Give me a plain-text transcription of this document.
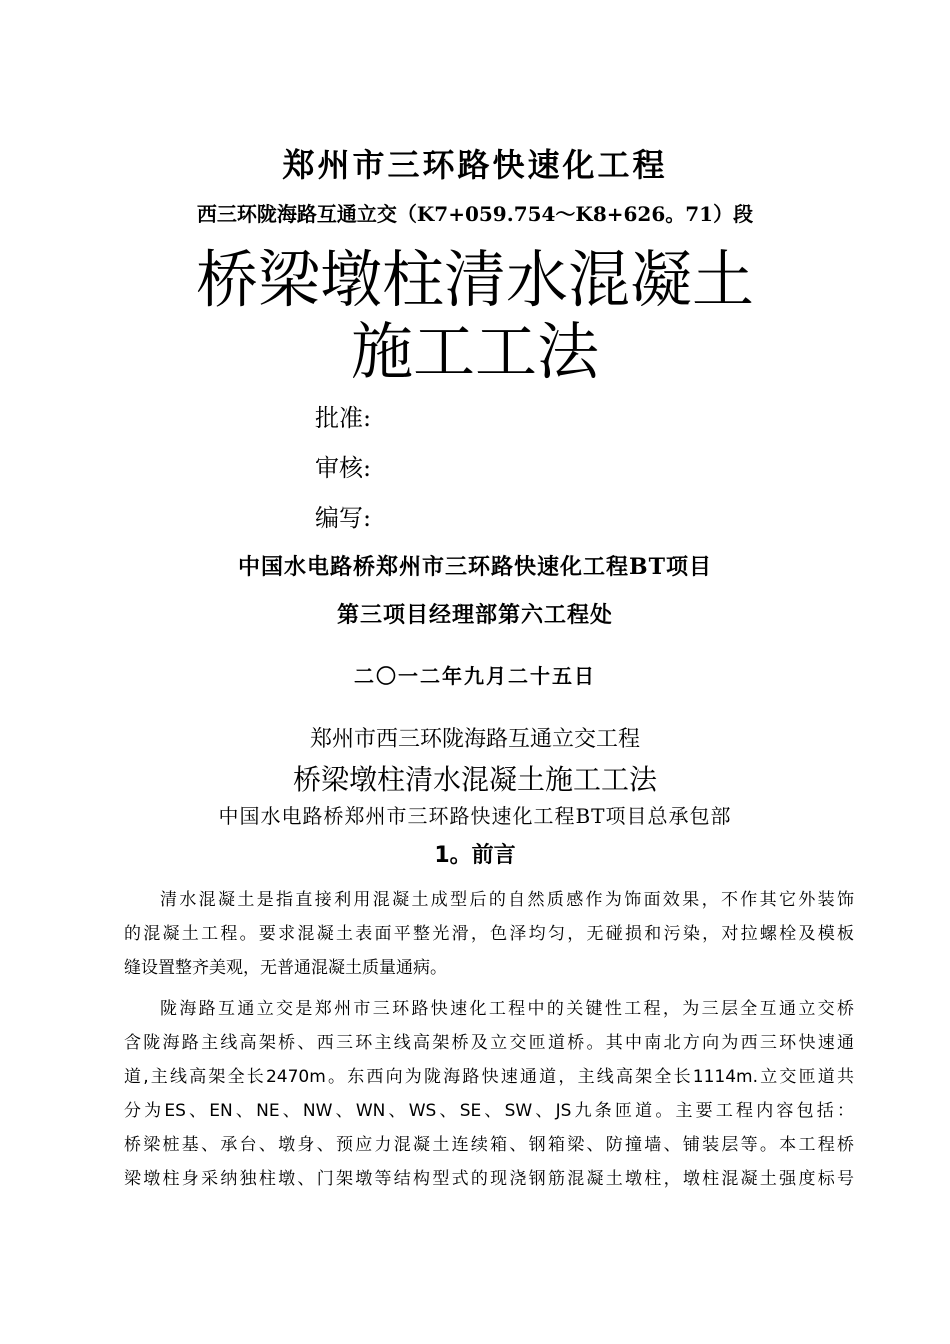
郑州市三环路快速化工程
西三环陇海路互通立交（K7+059.754～K8+626。71）段
桥梁墩柱清水混凝土
施工工法
批准:
审核:
编写:
中国水电路桥郑州市三环路快速化工程BT项目
第三项目经理部第六工程处
二〇一二年九月二十五日
郑州市西三环陇海路互通立交工程
桥梁墩柱清水混凝土施工工法
中国水电路桥郑州市三环路快速化工程BT项目总承包部
1。前言
清水混凝土是指直接利用混凝土成型后的自然质感作为饰面效果，不作其它外装饰
的混凝土工程。要求混凝土表面平整光滑，色泽均匀，无碰损和污染，对拉螺栓及模板
缝设置整齐美观，无普通混凝土质量通病。
陇海路互通立交是郑州市三环路快速化工程中的关键性工程，为三层全互通立交桥
含陇海路主线高架桥、西三环主线高架桥及立交匝道桥。其中南北方向为西三环快速通
道,主线高架全长2470m。东西向为陇海路快速通道，主线高架全长1114m.立交匝道共
分为ES、EN、NE、NW、WN、WS、SE、SW、JS九条匝道。主要工程内容包括：
桥梁桩基、承台、墩身、预应力混凝土连续箱、钢箱梁、防撞墙、铺装层等。本工程桥
梁墩柱身采纳独柱墩、门架墩等结构型式的现浇钢筋混凝土墩柱，墩柱混凝土强度标号
